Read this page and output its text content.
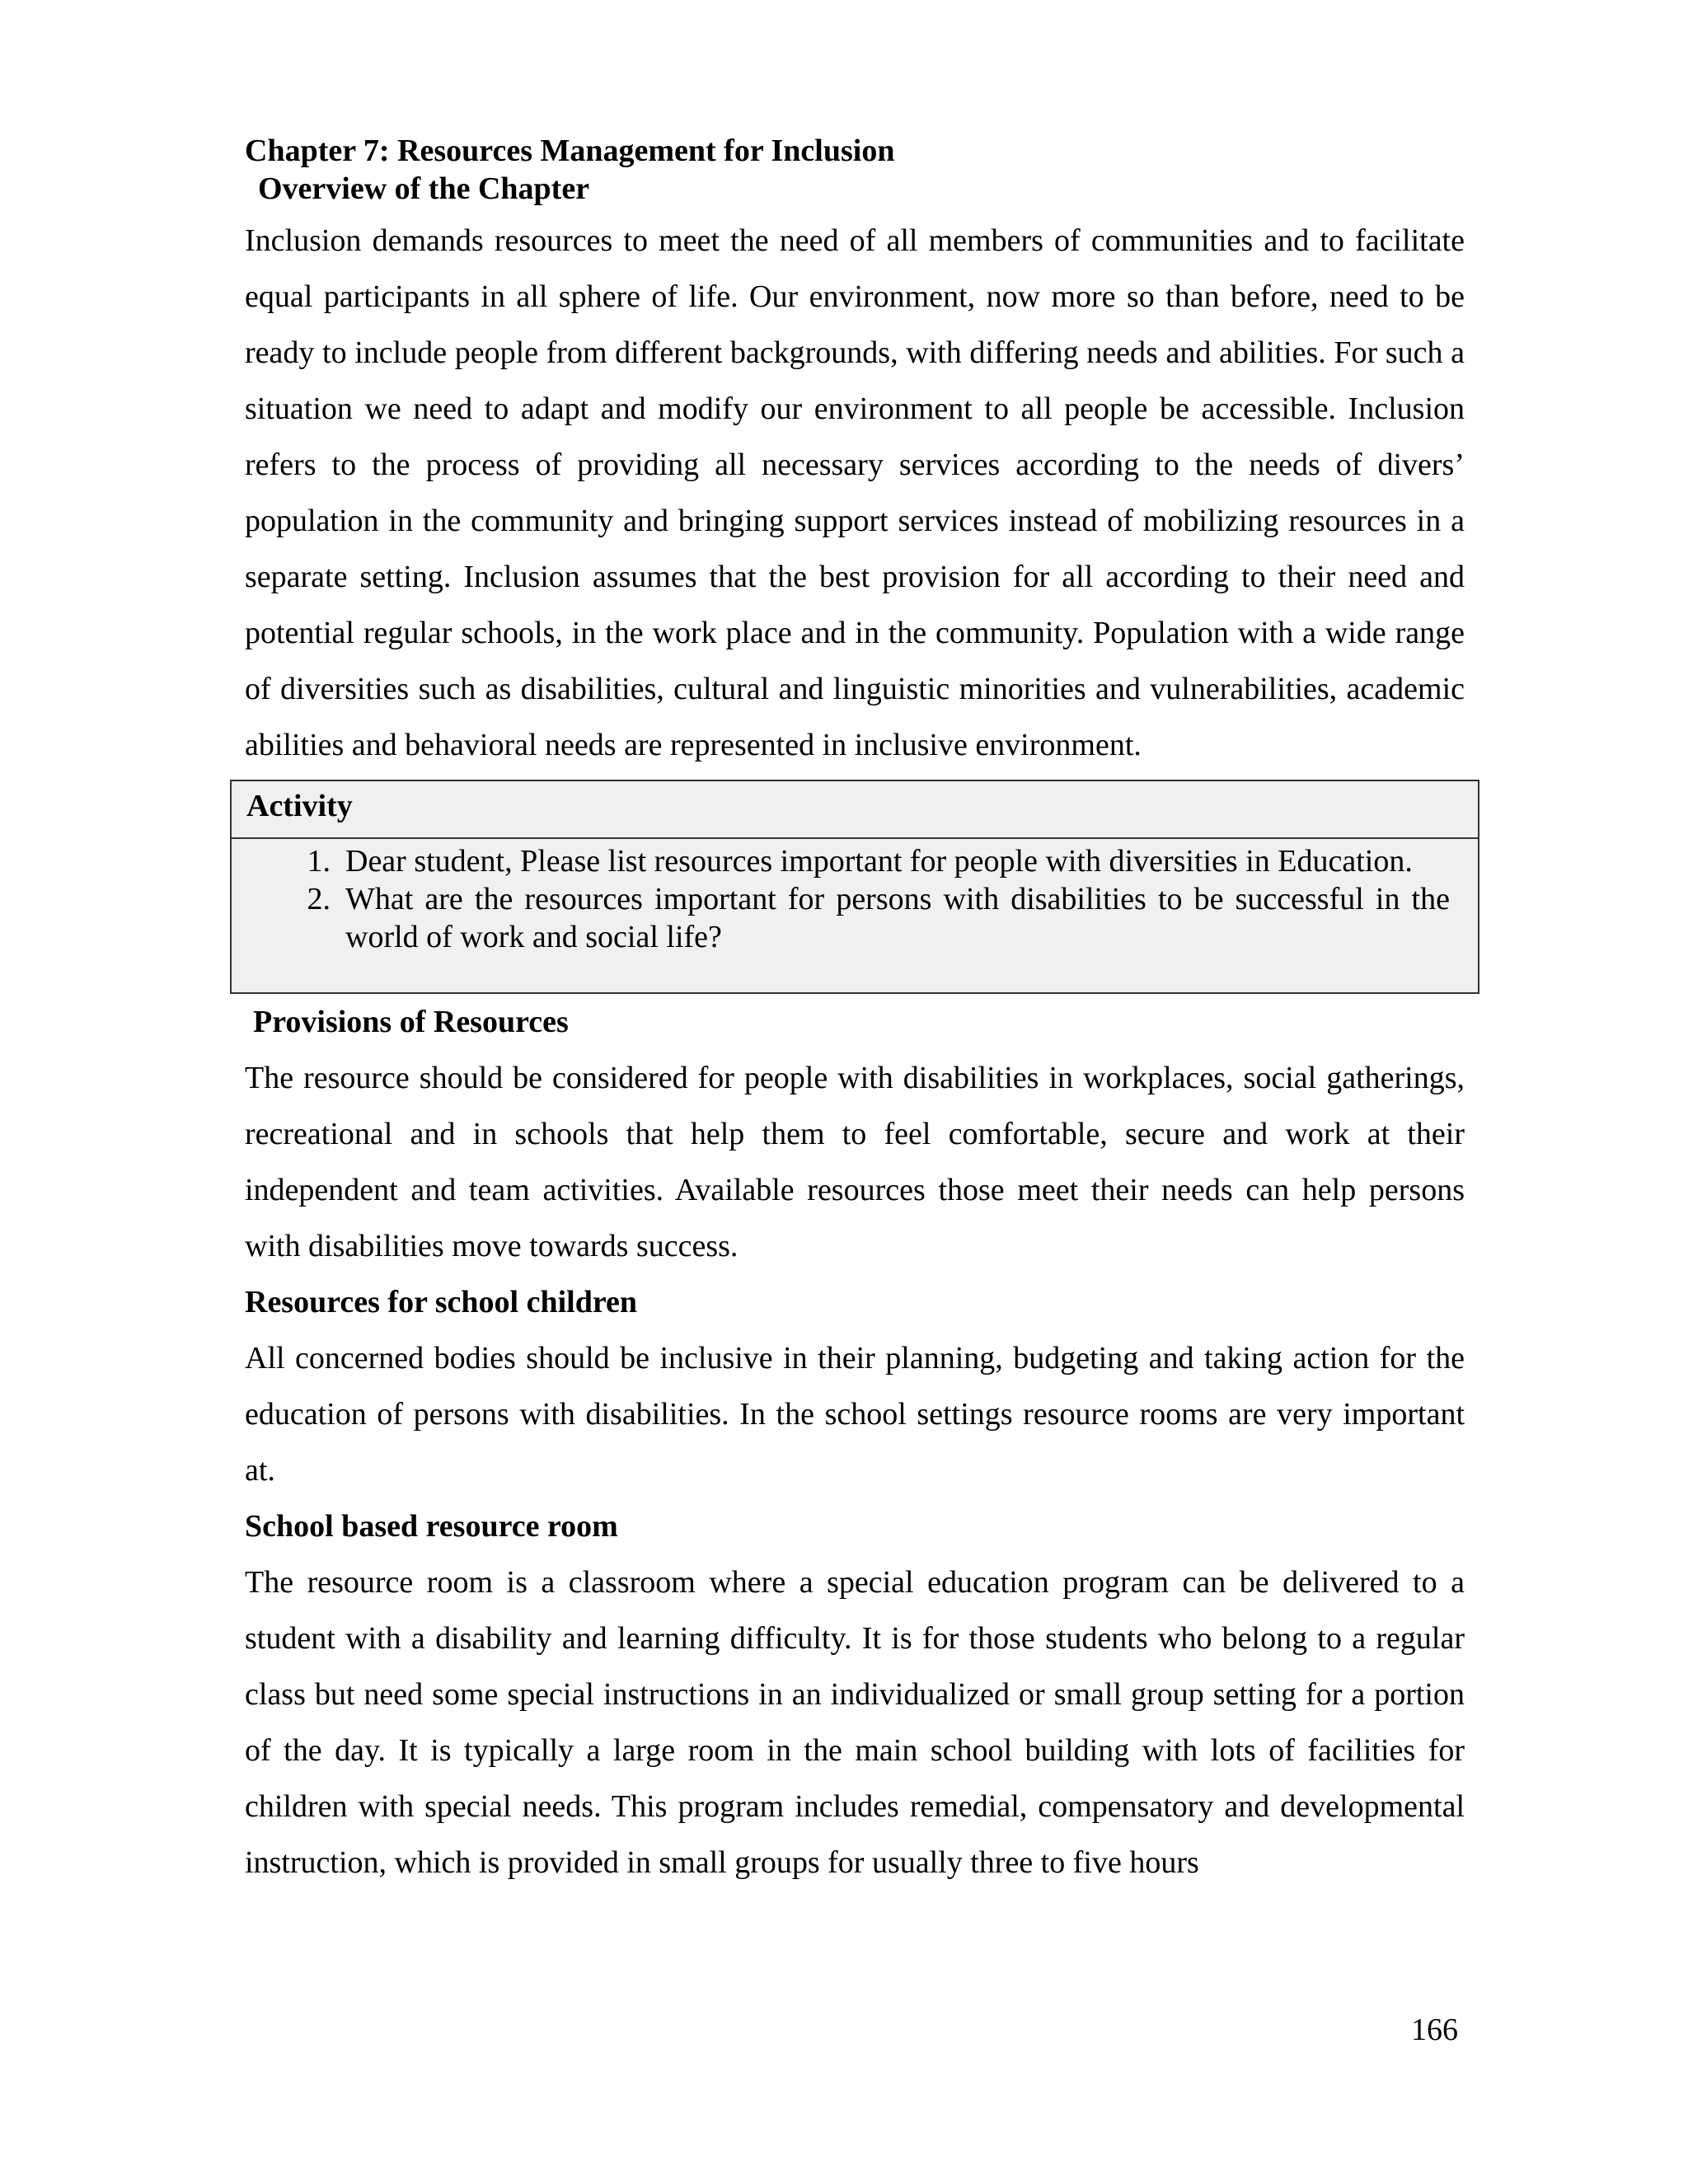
Chapter 7: Resources Management for Inclusion
Overview of the Chapter

Inclusion demands resources to meet the need of all members of communities and to facilitate equal participants in all sphere of life. Our environment, now more so than before, need to be ready to include people from different backgrounds, with differing needs and abilities. For such a situation we need to adapt and modify our environment to all people be accessible. Inclusion refers to the process of providing all necessary services according to the needs of divers’ population in the community and bringing support services instead of mobilizing resources in a separate setting. Inclusion assumes that the best provision for all according to their need and potential regular schools, in the work place and in the community. Population with a wide range of diversities such as disabilities, cultural and linguistic minorities and vulnerabilities, academic abilities and behavioral needs are represented in inclusive environment.

Activity
1. Dear student, Please list resources important for people with diversities in Education.
2. What are the resources important for persons with disabilities to be successful in the world of work and social life?
Provisions of Resources

The resource should be considered for people with disabilities in workplaces, social gatherings, recreational and in schools that help them to feel comfortable, secure and work at their independent and team activities. Available resources those meet their needs can help persons with disabilities move towards success.

Resources for school children

All concerned bodies should be inclusive in their planning, budgeting and taking action for the education of persons with disabilities. In the school settings resource rooms are very important at.

School based resource room

The resource room is a classroom where a special education program can be delivered to a student with a disability and learning difficulty. It is for those students who belong to a regular class but need some special instructions in an individualized or small group setting for a portion of the day. It is typically a large room in the main school building with lots of facilities for children with special needs. This program includes remedial, compensatory and developmental instruction, which is provided in small groups for usually three to five hours

166
